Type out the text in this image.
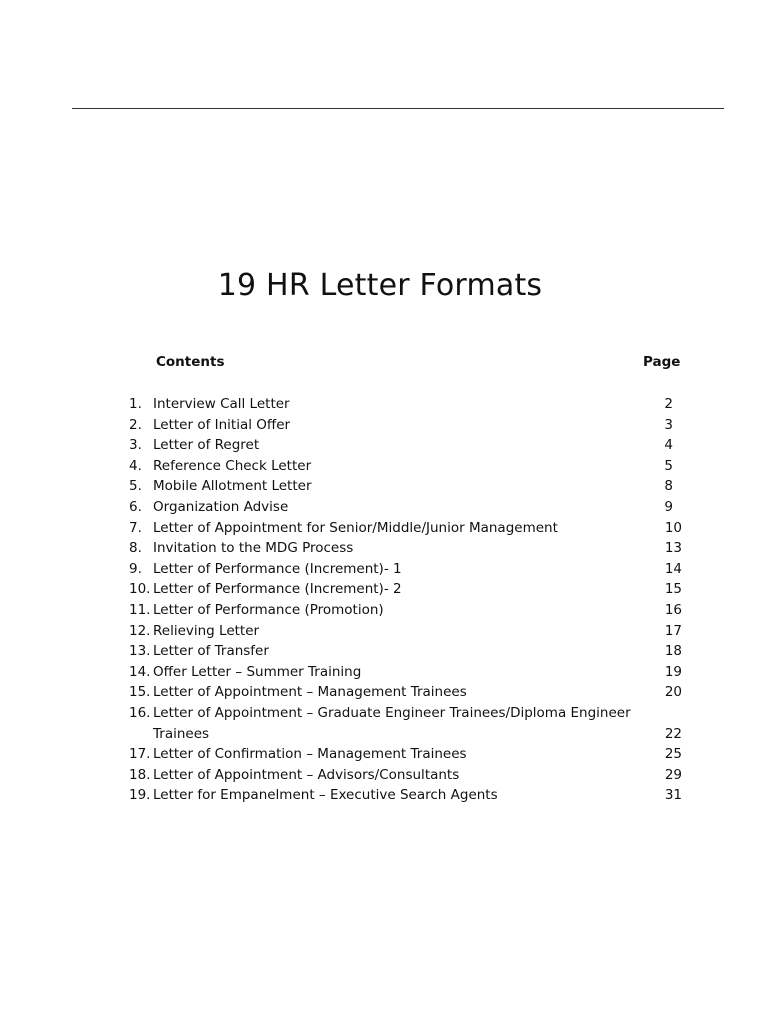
19 HR Letter Formats
Contents	Page
1. Interview Call Letter	2
2. Letter of Initial Offer	3
3. Letter of Regret	4
4. Reference Check Letter	5
5. Mobile Allotment Letter	8
6. Organization Advise	9
7. Letter of Appointment for Senior/Middle/Junior Management	10
8. Invitation to the MDG Process	13
9. Letter of Performance (Increment)- 1	14
10. Letter of Performance (Increment)- 2	15
11. Letter of Performance (Promotion)	16
12. Relieving Letter	17
13. Letter of Transfer	18
14. Offer Letter – Summer Training	19
15. Letter of Appointment – Management Trainees	20
16. Letter of Appointment – Graduate Engineer Trainees/Diploma Engineer Trainees	22
17. Letter of Confirmation – Management Trainees	25
18. Letter of Appointment – Advisors/Consultants	29
19. Letter for Empanelment – Executive Search Agents	31
